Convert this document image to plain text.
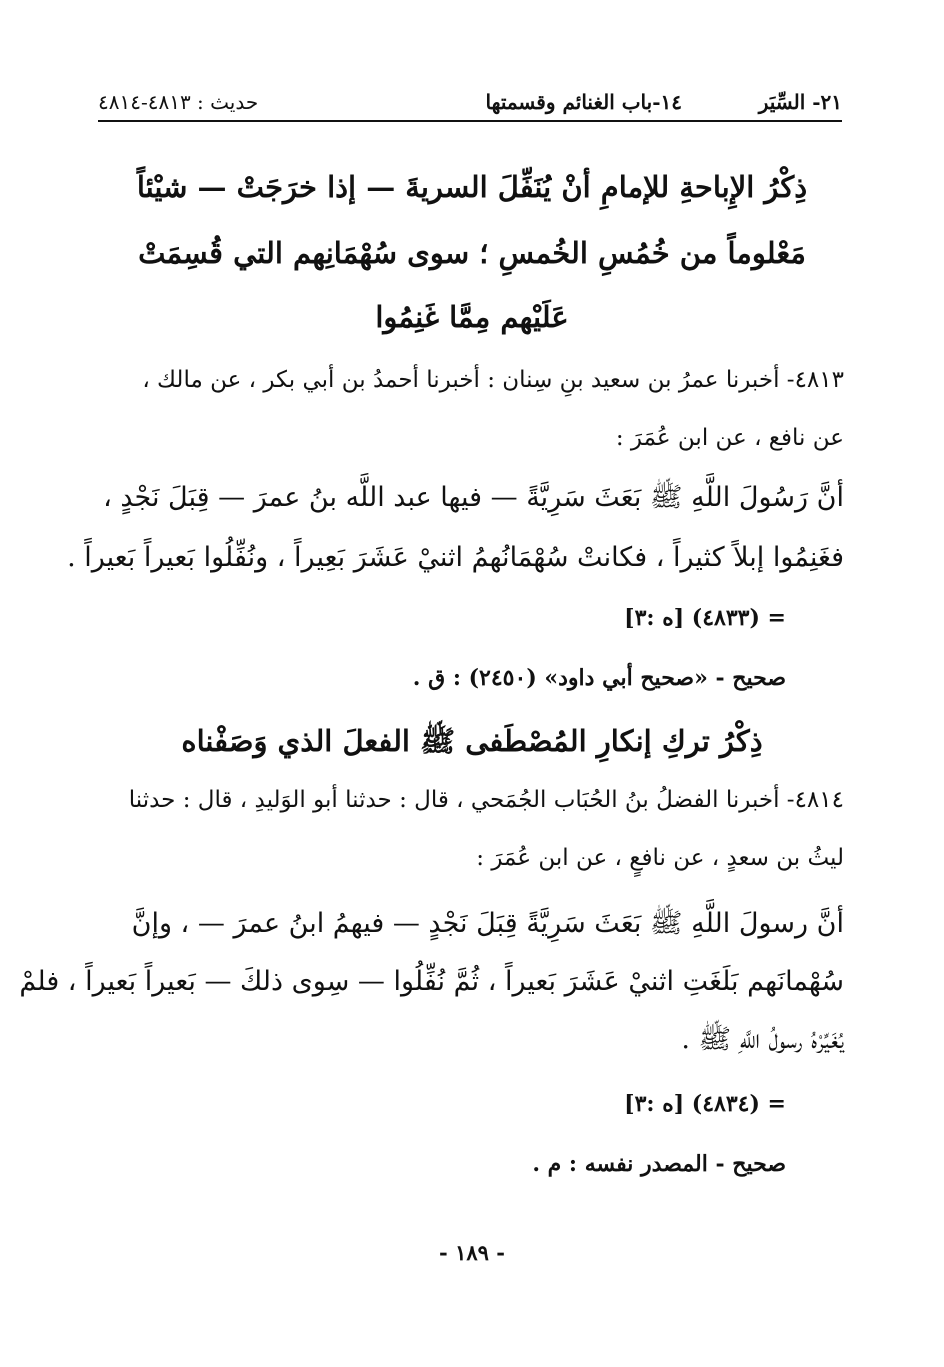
٢١- السِّيَر
١٤-باب الغنائم وقسمتها
حديث : ٤٨١٣-٤٨١٤
ذِكْرُ الإِباحةِ للإمامِ أنْ يُنَفِّلَ السريةَ — إذا خرَجَتْ — شيْئاً
مَعْلوماً من خُمُسِ الخُمسِ ؛ سوى سُهْمَانِهم التي قُسِمَتْ
عَلَيْهم مِمَّا غَنِمُوا
٤٨١٣- أخبرنا عمرُ بن سعيد بنِ سِنان : أخبرنا أحمدُ بن أبي بكر ، عن مالك ،
عن نافع ، عن ابن عُمَرَ :
أنَّ رَسُولَ اللَّهِ ﷺ بَعَثَ سَرِيَّةً — فيها عبد اللَّه بنُ عمرَ — قِبَلَ نَجْدٍ ،
فغَنِمُوا إبلاً كثيراً ، فكانتْ سُهْمَانُهمُ اثنيْ عَشَرَ بَعِيراً ، ونُفِّلُوا بَعيراً بَعيراً .
= (٤٨٣٣) [ه :٣]
صحيح - «صحيح أبي داود» (٢٤٥٠) : ق .
ذِكْرُ تركِ إنكارِ المُصْطَفى ﷺ الفعلَ الذي وَصَفْناه
٤٨١٤- أخبرنا الفضلُ بنُ الحُبَاب الجُمَحي ، قال : حدثنا أبو الوَليدِ ، قال : حدثنا
ليثُ بن سعدٍ ، عن نافعٍ ، عن ابن عُمَرَ :
أنَّ رسولَ اللَّهِ ﷺ بَعَثَ سَرِيَّةً قِبَلَ نَجْدٍ — فيهمُ ابنُ عمرَ — ، وإنَّ
سُهْمانَهم بَلَغَتِ اثنيْ عَشَرَ بَعيراً ، ثُمَّ نُفِّلُوا — سِوى ذلكَ — بَعيراً بَعيراً ، فلمْ
يُغَيِّرْهُ رسولُ اللَّهِ ﷺ .
= (٤٨٣٤) [ه :٣]
صحيح - المصدر نفسه : م .
- ١٨٩ -
